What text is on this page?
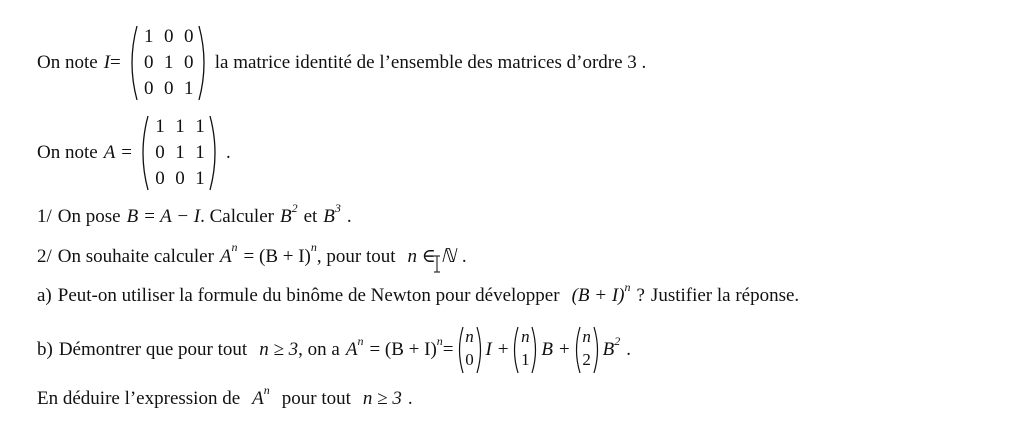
On note I =
1 0 0
0 1 0
0 0 1
la matrice identité de l’ensemble des matrices d’ordre 3 .
On note A =
1 1 1
0 1 1
0 0 1
.
1/ On pose B = A − I . Calculer B 2 et B 3 .
2/ On souhaite calculer A n = (B + I) n , pour tout n ∈ ℕ .
a) Peut-on utiliser la formule du binôme de Newton pour développer (B + I) n ? Justifier la réponse.
b) Démontrer que pour tout n ≥ 3 , on a A n = (B + I) n =
n
0 I +
n
1 B +
n
2 B 2 .
En déduire l’expression de A n pour tout n ≥ 3 .
